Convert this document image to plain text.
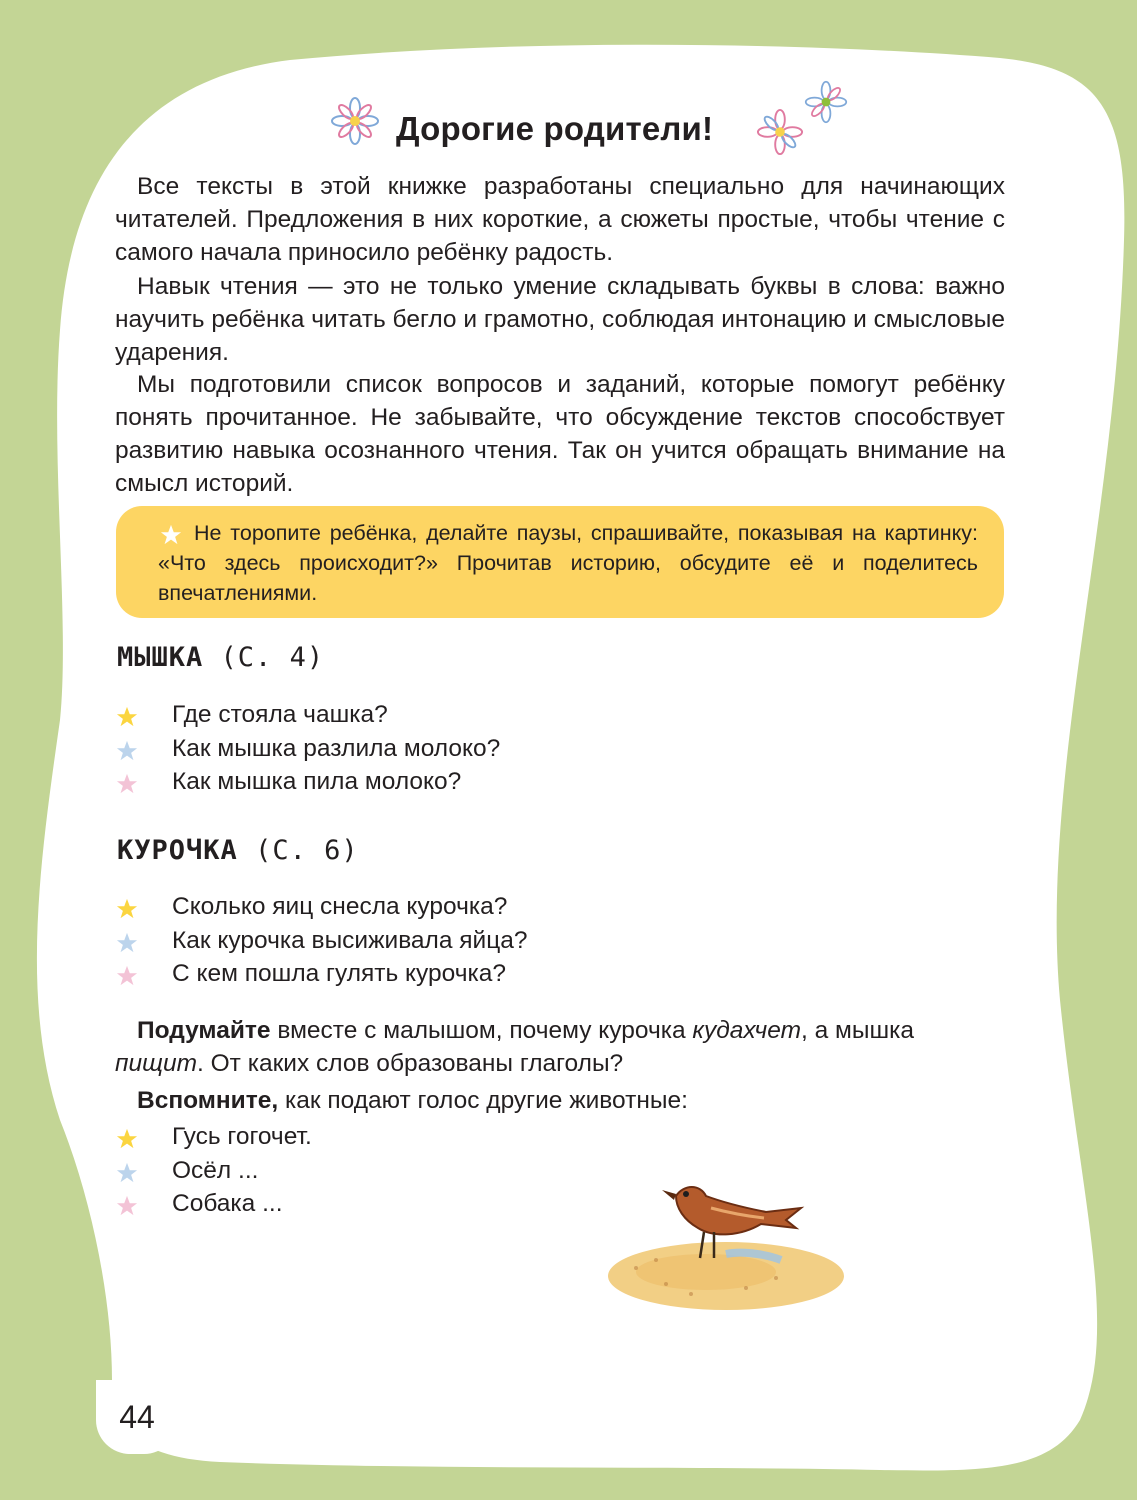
Дорогие родители!

Все тексты в этой книжке разработаны специально для начинающих читателей. Предложения в них короткие, а сюжеты простые, чтобы чтение с самого начала приносило ребёнку радость.

Навык чтения — это не только умение складывать буквы в слова: важно научить ребёнка читать бегло и грамотно, соблюдая интонацию и смысловые ударения.

Мы подготовили список вопросов и заданий, которые помогут ребёнку понять прочитанное. Не забывайте, что обсуждение текстов способствует развитию навыка осознанного чтения. Так он учится обращать внимание на смысл историй.

Не торопите ребёнка, делайте паузы, спрашивайте, показывая на картинку: «Что здесь происходит?» Прочитав историю, обсудите её и поделитесь впечатлениями.

МЫШКА (С. 4)
Где стояла чашка?
Как мышка разлила молоко?
Как мышка пила молоко?
КУРОЧКА (С. 6)
Сколько яиц снесла курочка?
Как курочка высиживала яйца?
С кем пошла гулять курочка?

Подумайте вместе с малышом, почему курочка кудахчет, а мышка пищит. От каких слов образованы глаголы?

Вспомните, как подают голос другие животные:

Гусь гогочет.
Осёл ...
Собака ...
44
